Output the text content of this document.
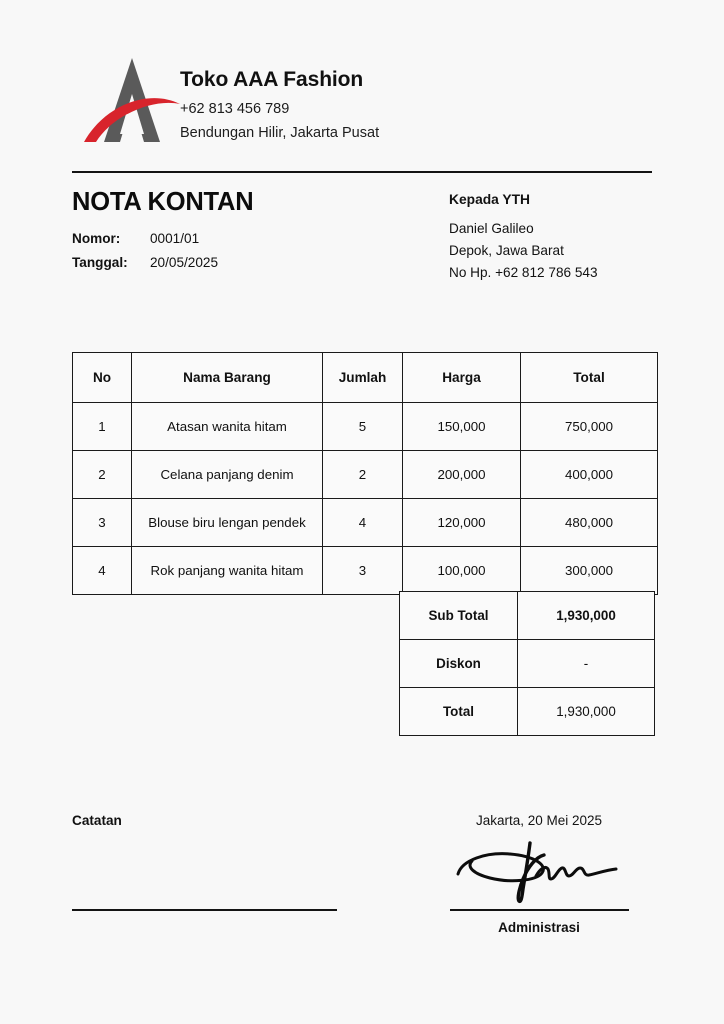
Toko AAA Fashion
+62 813 456 789
Bendungan Hilir, Jakarta Pusat
NOTA KONTAN
Nomor:	0001/01
Tanggal:	20/05/2025
Kepada YTH
Daniel Galileo
Depok, Jawa Barat
No Hp. +62 812 786 543
No	Nama Barang	Jumlah	Harga	Total
1	Atasan wanita hitam	5	150,000	750,000
2	Celana panjang denim	2	200,000	400,000
3	Blouse biru lengan pendek	4	120,000	480,000
4	Rok panjang wanita hitam	3	100,000	300,000
Sub Total	1,930,000
Diskon	-
Total	1,930,000
Catatan	Jakarta, 20 Mei 2025
Administrasi
